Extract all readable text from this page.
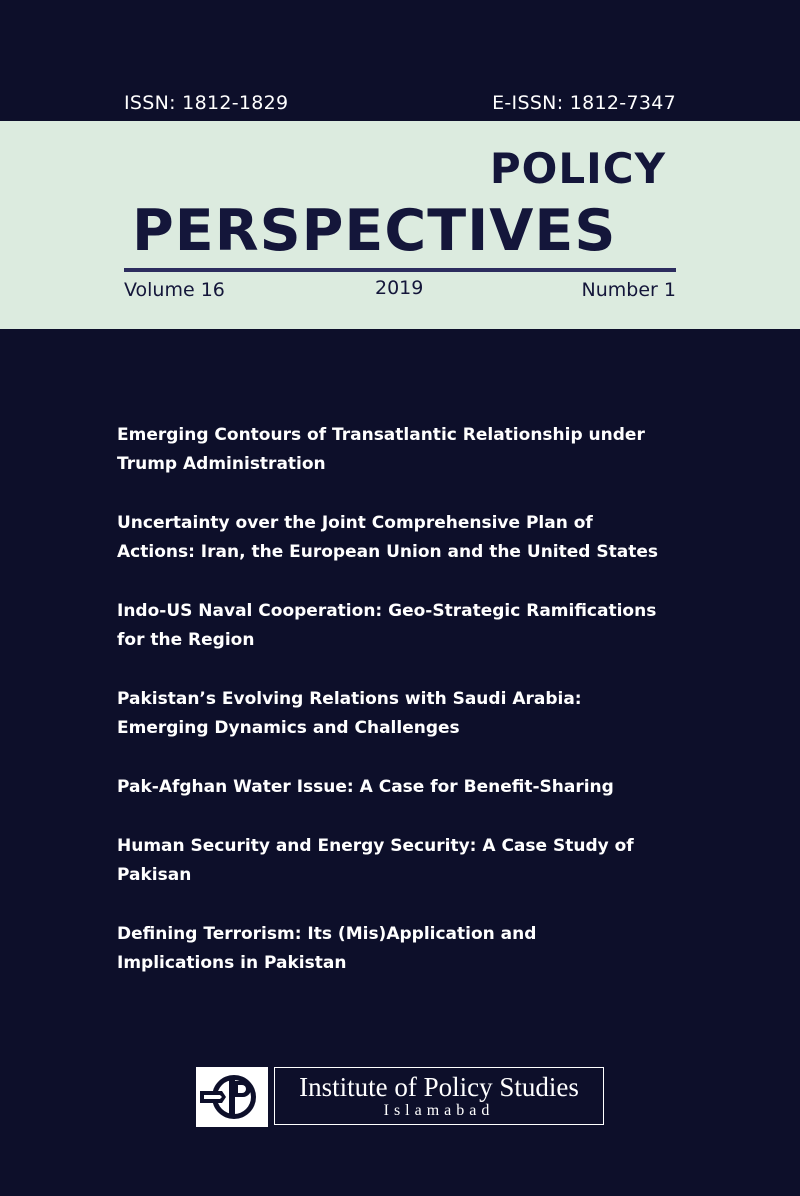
ISSN: 1812-1829	E-ISSN: 1812-7347
POLICY
PERSPECTIVES
Volume 16	2019	Number 1
Emerging Contours of Transatlantic Relationship under
Trump Administration
Uncertainty over the Joint Comprehensive Plan of
Actions: Iran, the European Union and the United States
Indo-US Naval Cooperation: Geo-Strategic Ramifications
for the Region
Pakistan’s Evolving Relations with Saudi Arabia:
Emerging Dynamics and Challenges
Pak-Afghan Water Issue: A Case for Benefit-Sharing
Human Security and Energy Security: A Case Study of
Pakisan
Defining Terrorism: Its (Mis)Application and
Implications in Pakistan
Institute of Policy Studies
Islamabad
